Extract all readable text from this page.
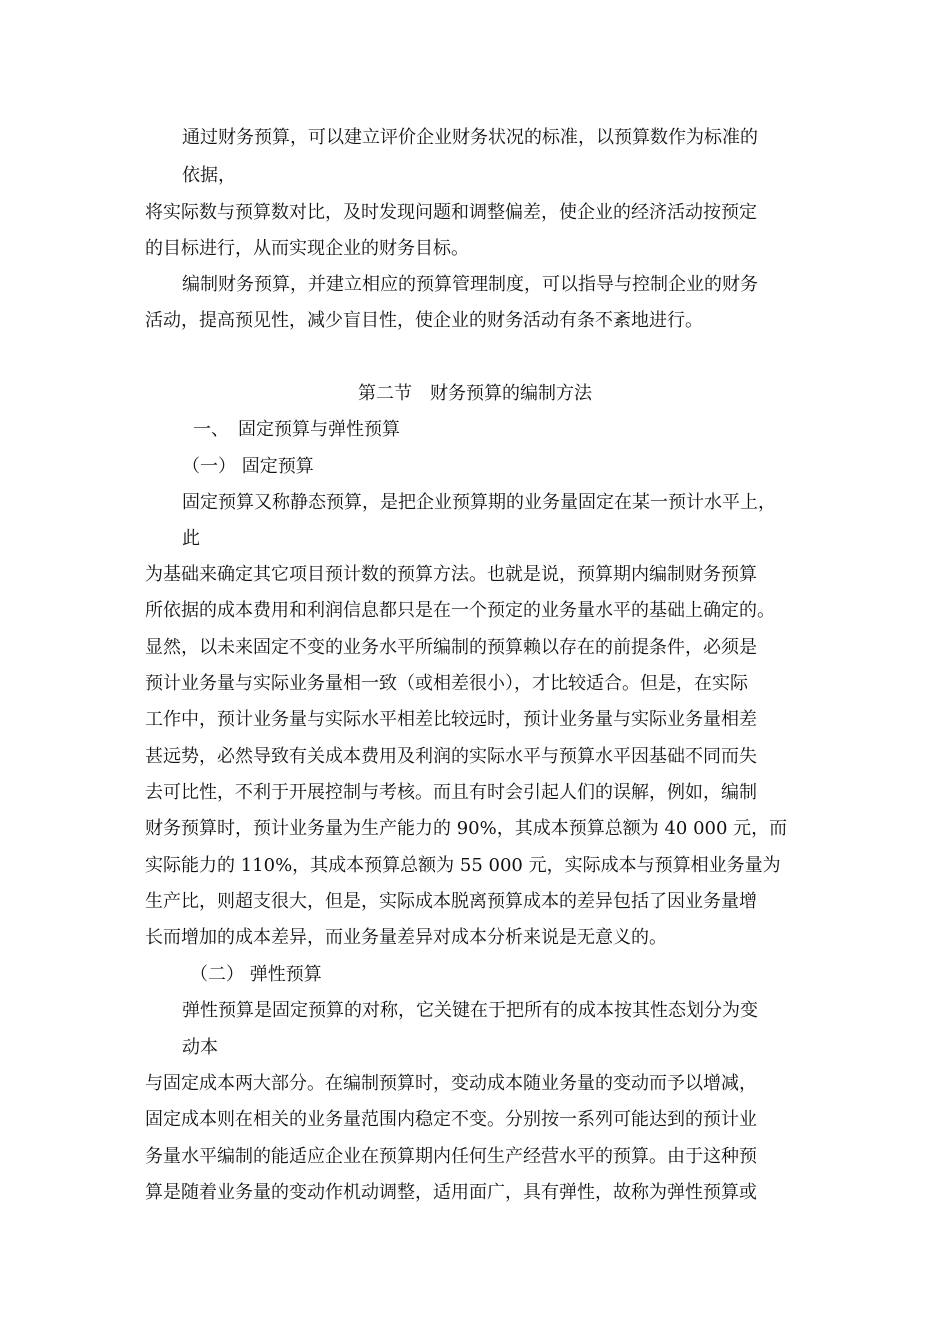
通过财务预算，可以建立评价企业财务状况的标准，以预算数作为标准的
依据，
将实际数与预算数对比，及时发现问题和调整偏差，使企业的经济活动按预定
的目标进行，从而实现企业的财务目标。
编制财务预算，并建立相应的预算管理制度，可以指导与控制企业的财务
活动，提高预见性，减少盲目性，使企业的财务活动有条不紊地进行。
第二节　财务预算的编制方法
一、　固定预算与弹性预算
（一） 固定预算
固定预算又称静态预算，是把企业预算期的业务量固定在某一预计水平上，
此
为基础来确定其它项目预计数的预算方法。也就是说，预算期内编制财务预算
所依据的成本费用和利润信息都只是在一个预定的业务量水平的基础上确定的。
显然，以未来固定不变的业务水平所编制的预算赖以存在的前提条件，必须是
预计业务量与实际业务量相一致（或相差很小），才比较适合。但是，在实际
工作中，预计业务量与实际水平相差比较远时，预计业务量与实际业务量相差
甚远势，必然导致有关成本费用及利润的实际水平与预算水平因基础不同而失
去可比性，不利于开展控制与考核。而且有时会引起人们的误解，例如，编制
财务预算时，预计业务量为生产能力的 90%，其成本预算总额为 40 000 元，而
实际能力的 110%，其成本预算总额为 55 000 元，实际成本与预算相业务量为
生产比，则超支很大，但是，实际成本脱离预算成本的差异包括了因业务量增
长而增加的成本差异，而业务量差异对成本分析来说是无意义的。
（二） 弹性预算
弹性预算是固定预算的对称，它关键在于把所有的成本按其性态划分为变
动本
与固定成本两大部分。在编制预算时，变动成本随业务量的变动而予以增减，
固定成本则在相关的业务量范围内稳定不变。分别按一系列可能达到的预计业
务量水平编制的能适应企业在预算期内任何生产经营水平的预算。由于这种预
算是随着业务量的变动作机动调整，适用面广，具有弹性，故称为弹性预算或
